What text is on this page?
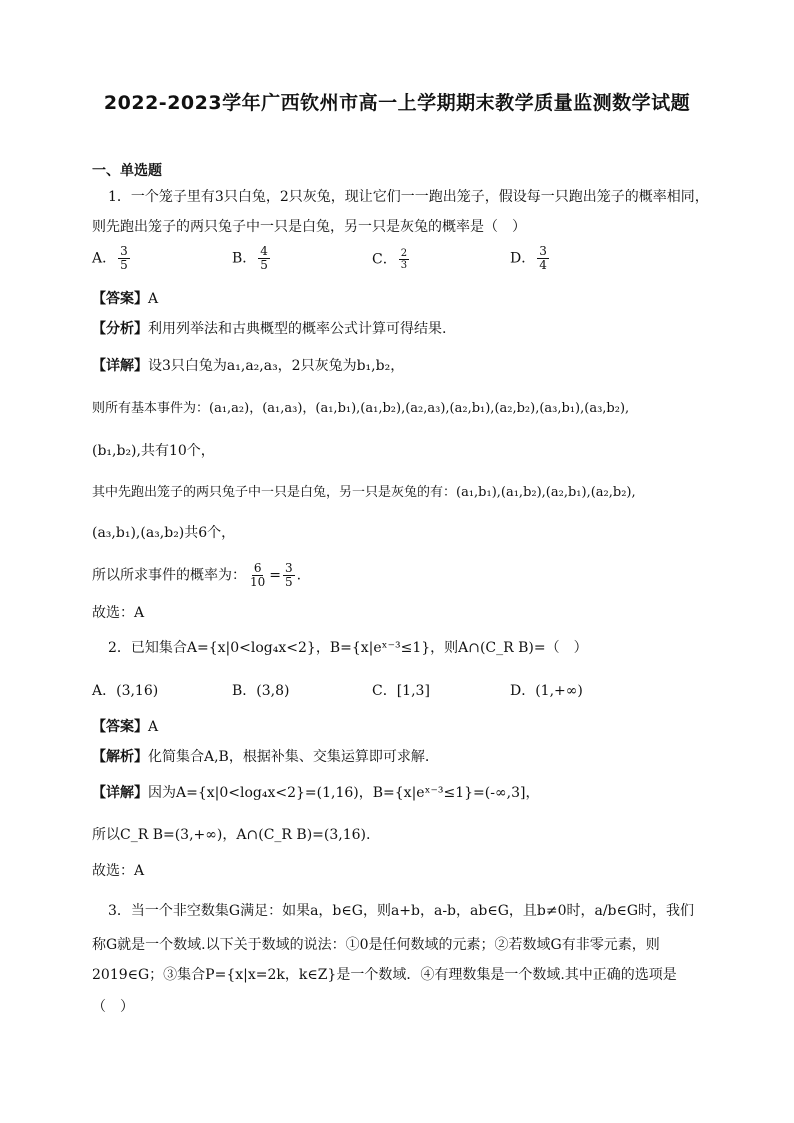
2022-2023学年广西钦州市高一上学期期末教学质量监测数学试题
一、单选题
1．一个笼子里有3只白兔，2只灰兔，现让它们一一跑出笼子，假设每一只跑出笼子的概率相同，
则先跑出笼子的两只兔子中一只是白兔，另一只是灰兔的概率是（　）
A． $\frac{3}{5}$	B． $\frac{4}{5}$	C． $\frac{2}{3}$	D． $\frac{3}{4}$
【答案】A
【分析】利用列举法和古典概型的概率公式计算可得结果.
【详解】设3只白兔为a₁,a₂,a₃，2只灰兔为b₁,b₂，
则所有基本事件为：(a₁,a₂)，(a₁,a₃)，(a₁,b₁),(a₁,b₂),(a₂,a₃),(a₂,b₁),(a₂,b₂),(a₃,b₁),(a₃,b₂),
(b₁,b₂),共有10个，
其中先跑出笼子的两只兔子中一只是白兔，另一只是灰兔的有：(a₁,b₁),(a₁,b₂),(a₂,b₁),(a₂,b₂),
(a₃,b₁),(a₃,b₂)共6个，
所以所求事件的概率为： $\frac{6}{10} = \frac{3}{5}$ .
故选：A
2．已知集合A={x|0<log₄x<2}，B={x|eˣ⁻³≤1}，则A∩(C_R B)=（　）
A．(3,16)	B．(3,8)	C．[1,3]	D．(1,+∞)
【答案】A
【解析】化简集合A,B，根据补集、交集运算即可求解.
【详解】因为A={x|0<log₄x<2}=(1,16)，B={x|eˣ⁻³≤1}=(-∞,3]，
所以C_R B=(3,+∞)，A∩(C_R B)=(3,16).
故选：A
3．当一个非空数集G满足：如果a，b∈G，则a+b，a-b，ab∈G，且b≠0时，a/b∈G时，我们
称G就是一个数域.以下关于数域的说法：①0是任何数域的元素；②若数域G有非零元素，则
2019∈G；③集合P={x|x=2k，k∈Z}是一个数域．④有理数集是一个数域.其中正确的选项是
（　）
